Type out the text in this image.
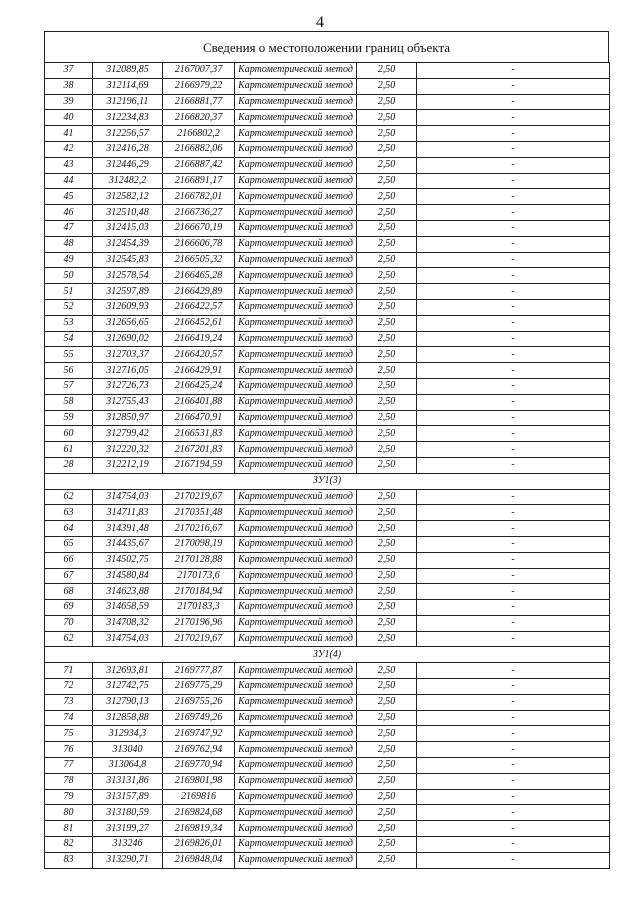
4
Сведения о местоположении границ объекта
37	312089,85	2167007,37	Картометрический метод	2,50	-
38	312114,69	2166979,22	Картометрический метод	2,50	-
39	312196,11	2166881,77	Картометрический метод	2,50	-
40	312234,83	2166820,37	Картометрический метод	2,50	-
41	312256,57	2166802,2	Картометрический метод	2,50	-
42	312416,28	2166882,06	Картометрический метод	2,50	-
43	312446,29	2166887,42	Картометрический метод	2,50	-
44	312482,2	2166891,17	Картометрический метод	2,50	-
45	312582,12	2166782,01	Картометрический метод	2,50	-
46	312510,48	2166736,27	Картометрический метод	2,50	-
47	312415,03	2166670,19	Картометрический метод	2,50	-
48	312454,39	2166606,78	Картометрический метод	2,50	-
49	312545,83	2166505,32	Картометрический метод	2,50	-
50	312578,54	2166465,28	Картометрический метод	2,50	-
51	312597,89	2166429,89	Картометрический метод	2,50	-
52	312609,93	2166422,57	Картометрический метод	2,50	-
53	312656,65	2166452,61	Картометрический метод	2,50	-
54	312690,02	2166419,24	Картометрический метод	2,50	-
55	312703,37	2166420,57	Картометрический метод	2,50	-
56	312716,05	2166429,91	Картометрический метод	2,50	-
57	312726,73	2166425,24	Картометрический метод	2,50	-
58	312755,43	2166401,88	Картометрический метод	2,50	-
59	312850,97	2166470,91	Картометрический метод	2,50	-
60	312799,42	2166531,83	Картометрический метод	2,50	-
61	312220,32	2167201,83	Картометрический метод	2,50	-
28	312212,19	2167194,59	Картометрический метод	2,50	-
ЗУ1(3)					
62	314754,03	2170219,67	Картометрический метод	2,50	-
63	314711,83	2170351,48	Картометрический метод	2,50	-
64	314391,48	2170216,67	Картометрический метод	2,50	-
65	314435,67	2170098,19	Картометрический метод	2,50	-
66	314502,75	2170128,88	Картометрический метод	2,50	-
67	314580,84	2170173,6	Картометрический метод	2,50	-
68	314623,88	2170184,94	Картометрический метод	2,50	-
69	314658,59	2170183,3	Картометрический метод	2,50	-
70	314708,32	2170196,96	Картометрический метод	2,50	-
62	314754,03	2170219,67	Картометрический метод	2,50	-
ЗУ1(4)					
71	312693,81	2169777,87	Картометрический метод	2,50	-
72	312742,75	2169775,29	Картометрический метод	2,50	-
73	312790,13	2169755,26	Картометрический метод	2,50	-
74	312858,88	2169749,26	Картометрический метод	2,50	-
75	312934,3	2169747,92	Картометрический метод	2,50	-
76	313040	2169762,94	Картометрический метод	2,50	-
77	313064,8	2169770,94	Картометрический метод	2,50	-
78	313131,86	2169801,98	Картометрический метод	2,50	-
79	313157,89	2169816	Картометрический метод	2,50	-
80	313180,59	2169824,68	Картометрический метод	2,50	-
81	313199,27	2169819,34	Картометрический метод	2,50	-
82	313246	2169826,01	Картометрический метод	2,50	-
83	313290,71	2169848,04	Картометрический метод	2,50	-
